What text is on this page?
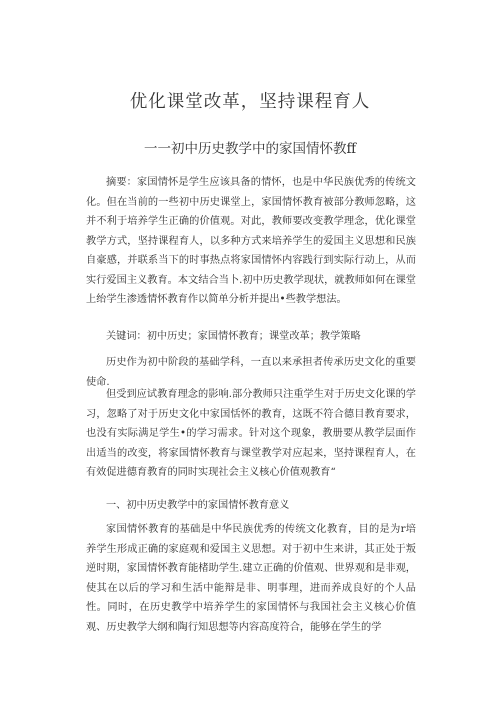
优化课堂改革，坚持课程育人

一一初中历史教学中的家国情怀教ff

摘要：家国情怀是学生应该具备的情怀，也是中华民族优秀的传统文化。但在当前的一些初中历史课堂上，家国情怀教育被部分教师忽略，这并不利于培养学生正确的价值观。对此，教师要改变教学理念，优化课堂教学方式，坚持课程育人，以多种方式来培养学生的爱国主义思想和民族自豪感，并联系当下的时事热点将家国情怀内容践行到实际行动上，从而实行爱国主义教育。本文结合当卜.初中历史教学现状，就教师如何在课堂上绐学生渗透情怀教育作以简单分析并提出•些教学想法。

关键词：初中历史；家国情怀教育；课堂改革；教学策略

历史作为初中阶段的基础学科，一直以来承担者传承历史文化的重要使命.

但受到应试教育理念的影响.部分教师只注重学生对于历史文化课的学习，忽略了对于历史文化中家国恬怀的教育，这既不符合德目教育要求，也没有实际满足学生•的学习需求。针对这个现象，教册要从教学层面作出适当的改变，将家国情怀教育与课堂教学对应起来，坚持课程育人，在有效促进德育教育的同时实现社会主义核心价值观教育“

一、初中历史教学中的家国情怀教育意义

家国情怀教育的基础是中华民族优秀的传统文化教育，目的是为r培养学生形成正确的家庭观和爱国主义思想。对于初中生来讲，其正处于叛逆时期，家国情怀教育能楮助学生.建立正确的价值观、世界观和是非观，使其在以后的学习和生活中能辩是非、明事理，进而养成良好的个人品性。同时，在历史教学中培养学生的家国情怀与我国社会主义核心价值观、历史教学大纲和陶行知思想等内容高度符合，能够在学生的学
